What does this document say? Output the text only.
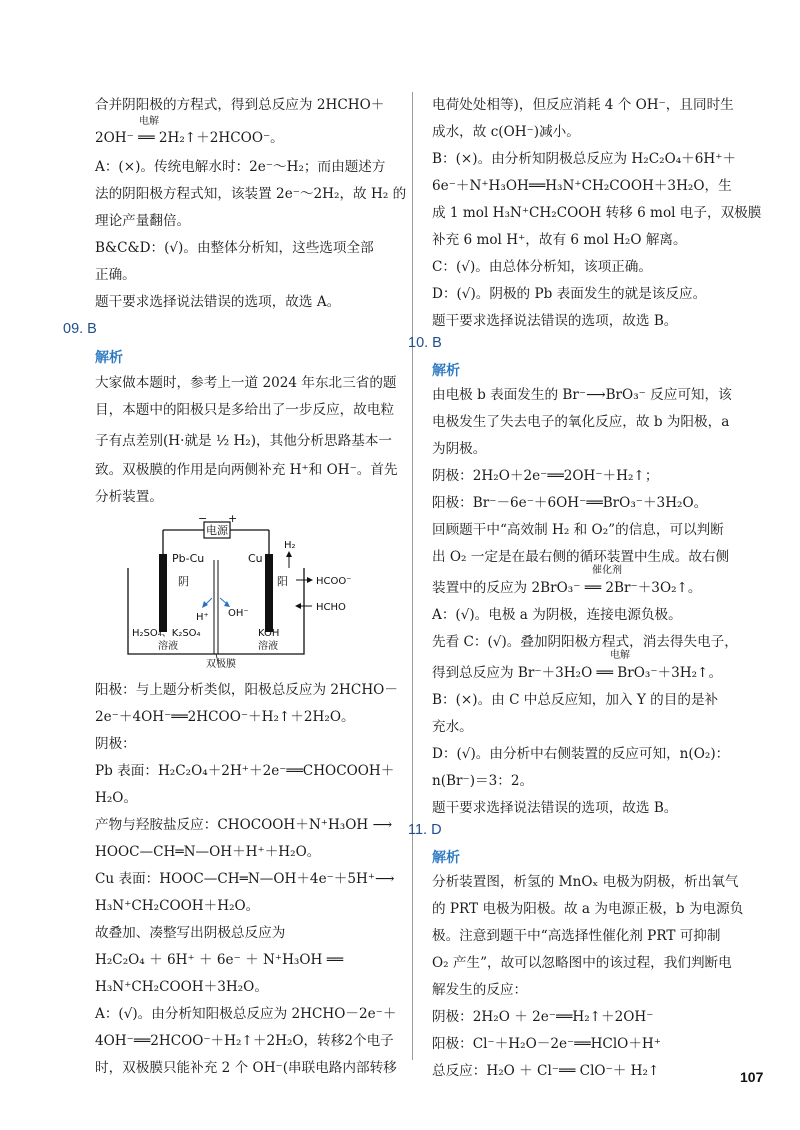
合并阴阳极的方程式，得到总反应为 2HCHO＋
2OH⁻ ══ 2H₂↑＋2HCOO⁻。
电解
A：(×)。传统电解水时：2e⁻～H₂；而由题述方
法的阴阳极方程式知，该装置 2e⁻～2H₂，故 H₂ 的
理论产量翻倍。
B&C&D：(√)。由整体分析知，这些选项全部
正确。
题干要求选择说法错误的选项，故选 A。
09. B
解析
大家做本题时，参考上一道 2024 年东北三省的题
目，本题中的阳极只是多给出了一步反应，故电粒
子有点差别(H·就是 ½ H₂)，其他分析思路基本一
致。双极膜的作用是向两侧补充 H⁺和 OH⁻。首先
分析装置。
阳极：与上题分析类似，阳极总反应为 2HCHO－
2e⁻＋4OH⁻══2HCOO⁻＋H₂↑＋2H₂O。
阴极：
Pb 表面：H₂C₂O₄＋2H⁺＋2e⁻══CHOCOOH＋
H₂O。
产物与羟胺盐反应：CHOCOOH＋N⁺H₃OH ⟶
HOOC—CH═N—OH＋H⁺＋H₂O。
Cu 表面：HOOC—CH═N—OH＋4e⁻＋5H⁺⟶
H₃N⁺CH₂COOH＋H₂O。
故叠加、凑整写出阴极总反应为
H₂C₂O₄ ＋ 6H⁺ ＋ 6e⁻ ＋ N⁺H₃OH ══
H₃N⁺CH₂COOH＋3H₂O。
A：(√)。由分析知阳极总反应为 2HCHO－2e⁻＋
4OH⁻══2HCOO⁻＋H₂↑＋2H₂O，转移2个电子
时，双极膜只能补充 2 个 OH⁻(串联电路内部转移
电源
− +
Pb-Cu
阴
Cu
阳
H₂
HCOO⁻
HCHO
H⁺ OH⁻
H₂SO₄、K₂SO₄
溶液
KOH
溶液
双极膜
电荷处处相等)，但反应消耗 4 个 OH⁻，且同时生
成水，故 c(OH⁻)减小。
B：(×)。由分析知阴极总反应为 H₂C₂O₄＋6H⁺＋
6e⁻＋N⁺H₃OH══H₃N⁺CH₂COOH＋3H₂O，生
成 1 mol H₃N⁺CH₂COOH 转移 6 mol 电子，双极膜
补充 6 mol H⁺，故有 6 mol H₂O 解离。
C：(√)。由总体分析知，该项正确。
D：(√)。阴极的 Pb 表面发生的就是该反应。
题干要求选择说法错误的选项，故选 B。
10. B
解析
由电极 b 表面发生的 Br⁻⟶BrO₃⁻ 反应可知，该
电极发生了失去电子的氧化反应，故 b 为阳极，a
为阴极。
阴极：2H₂O＋2e⁻══2OH⁻＋H₂↑；
阳极：Br⁻－6e⁻＋6OH⁻══BrO₃⁻＋3H₂O。
回顾题干中“高效制 H₂ 和 O₂”的信息，可以判断
出 O₂ 一定是在最右侧的循环装置中生成。故右侧
装置中的反应为 2BrO₃⁻ ══ 2Br⁻＋3O₂↑。
催化剂
A：(√)。电极 a 为阴极，连接电源负极。
先看 C：(√)。叠加阴阳极方程式，消去得失电子，
得到总反应为 Br⁻＋3H₂O ══ BrO₃⁻＋3H₂↑。
电解
B：(×)。由 C 中总反应知，加入 Y 的目的是补
充水。
D：(√)。由分析中右侧装置的反应可知，n(O₂)：
n(Br⁻)＝3：2。
题干要求选择说法错误的选项，故选 B。
11. D
解析
分析装置图，析氢的 MnOₓ 电极为阴极，析出氧气
的 PRT 电极为阳极。故 a 为电源正极，b 为电源负
极。注意到题干中“高选择性催化剂 PRT 可抑制
O₂ 产生”，故可以忽略图中的该过程，我们判断电
解发生的反应：
阴极：2H₂O ＋ 2e⁻══H₂↑＋2OH⁻
阳极：Cl⁻＋H₂O－2e⁻══HClO＋H⁺
总反应：H₂O ＋ Cl⁻══ ClO⁻＋ H₂↑	107
